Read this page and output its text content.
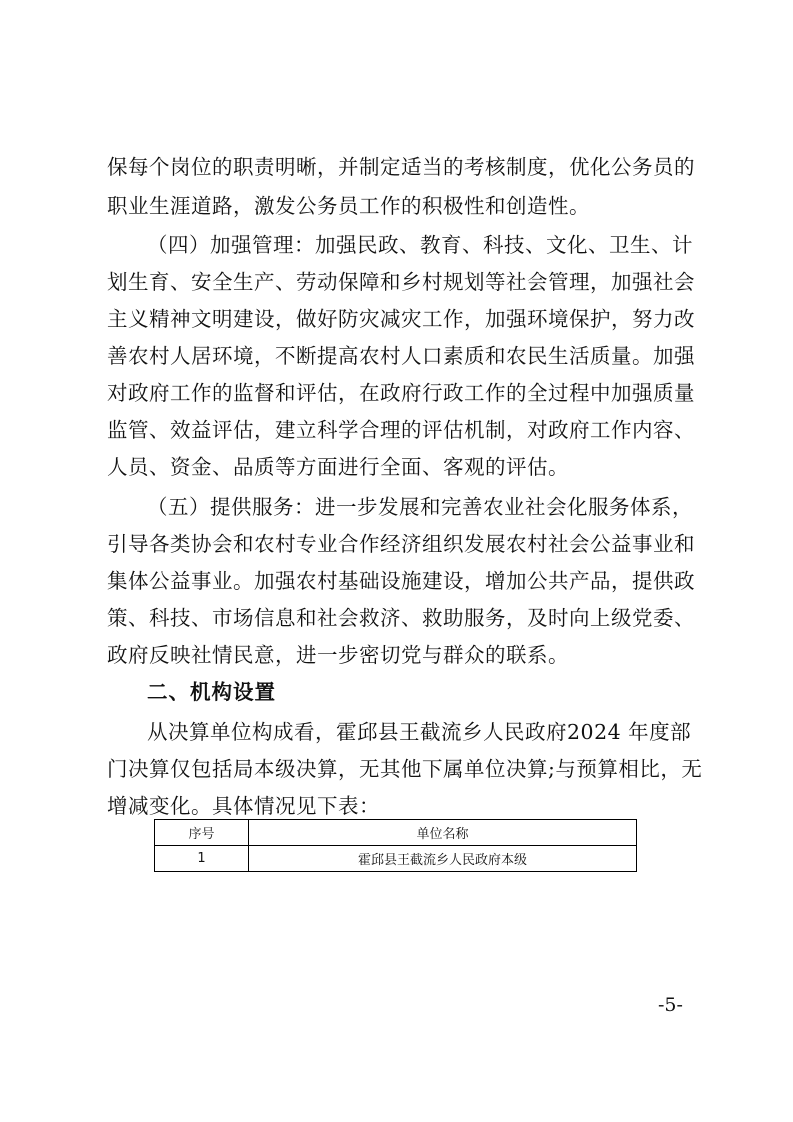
保每个岗位的职责明晰，并制定适当的考核制度，优化公务员的
职业生涯道路，激发公务员工作的积极性和创造性。
（四）加强管理：加强民政、教育、科技、文化、卫生、计
划生育、安全生产、劳动保障和乡村规划等社会管理，加强社会
主义精神文明建设，做好防灾减灾工作，加强环境保护，努力改
善农村人居环境，不断提高农村人口素质和农民生活质量。加强
对政府工作的监督和评估，在政府行政工作的全过程中加强质量
监管、效益评估，建立科学合理的评估机制，对政府工作内容、
人员、资金、品质等方面进行全面、客观的评估。
（五）提供服务：进一步发展和完善农业社会化服务体系，
引导各类协会和农村专业合作经济组织发展农村社会公益事业和
集体公益事业。加强农村基础设施建设，增加公共产品，提供政
策、科技、市场信息和社会救济、救助服务，及时向上级党委、
政府反映社情民意，进一步密切党与群众的联系。
二、机构设置
从决算单位构成看，霍邱县王截流乡人民政府2024 年度部
门决算仅包括局本级决算，无其他下属单位决算;与预算相比，无
增减变化。具体情况见下表：
序号	单位名称
1	霍邱县王截流乡人民政府本级
-5-
